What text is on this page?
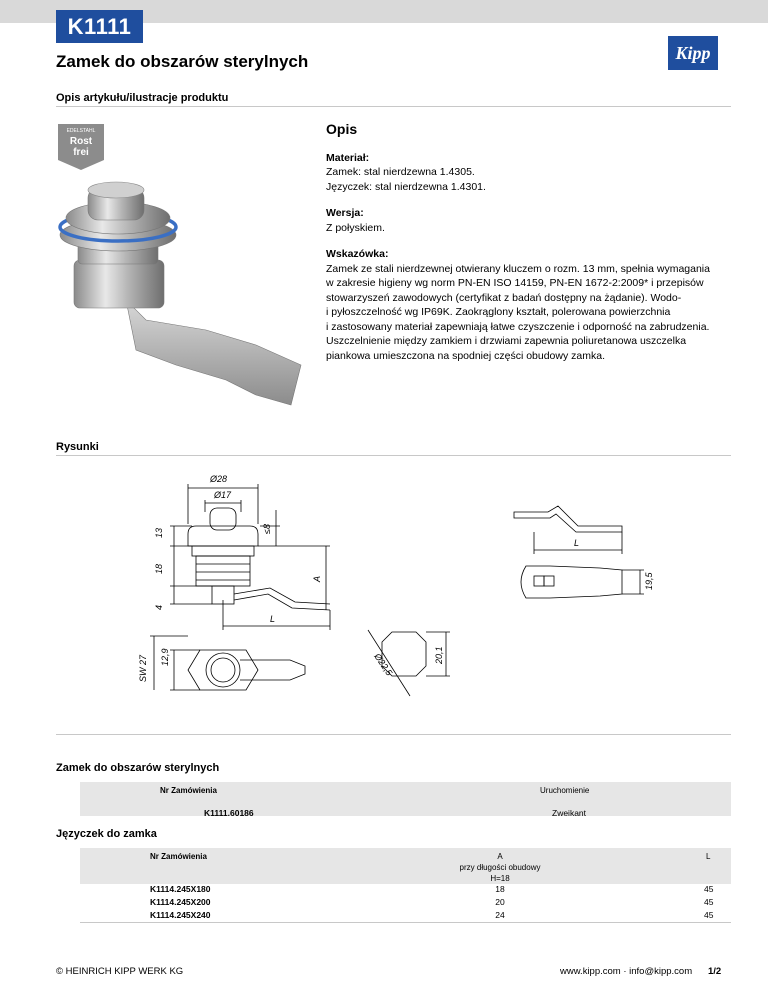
K1111
Zamek do obszarów sterylnych	Kipp
Opis artykułu/ilustracje produktu
EDELSTAHL
Rost
frei
Opis
Materiał:
Zamek: stal nierdzewna 1.4305.
Języczek: stal nierdzewna 1.4301.
Wersja:
Z połyskiem.
Wskazówka:
Zamek ze stali nierdzewnej otwierany kluczem o rozm. 13 mm, spełnia wymagania
w zakresie higieny wg norm PN-EN ISO 14159, PN-EN 1672-2:2009* i przepisów
stowarzyszeń zawodowych (certyfikat z badań dostępny na żądanie). Wodo-
i pyłoszczelność wg IP69K. Zaokrąglony kształt, polerowana powierzchnia
i zastosowany materiał zapewniają łatwe czyszczenie i odporność na zabrudzenia.
Uszczelnienie między zamkiem i drzwiami zapewnia poliuretanowa uszczelka
piankowa umieszczona na spodniej części obudowy zamka.
Rysunki
Ø28
Ø17
13
18
4
≤8
A
L
12,9
SW 27	Ø22,5	20,1
L
19,5
Zamek do obszarów sterylnych
Nr Zamówienia	Uruchomienie
K1111.60186	Zweikant
Języczek do zamka
Nr Zamówienia	A
przy długości obudowy
H=18
L
K1114.245X180	18	45
K1114.245X200	20	45
K1114.245X240	24	45
© HEINRICH KIPP WERK KG	www.kipp.com · info@kipp.com 1/2
